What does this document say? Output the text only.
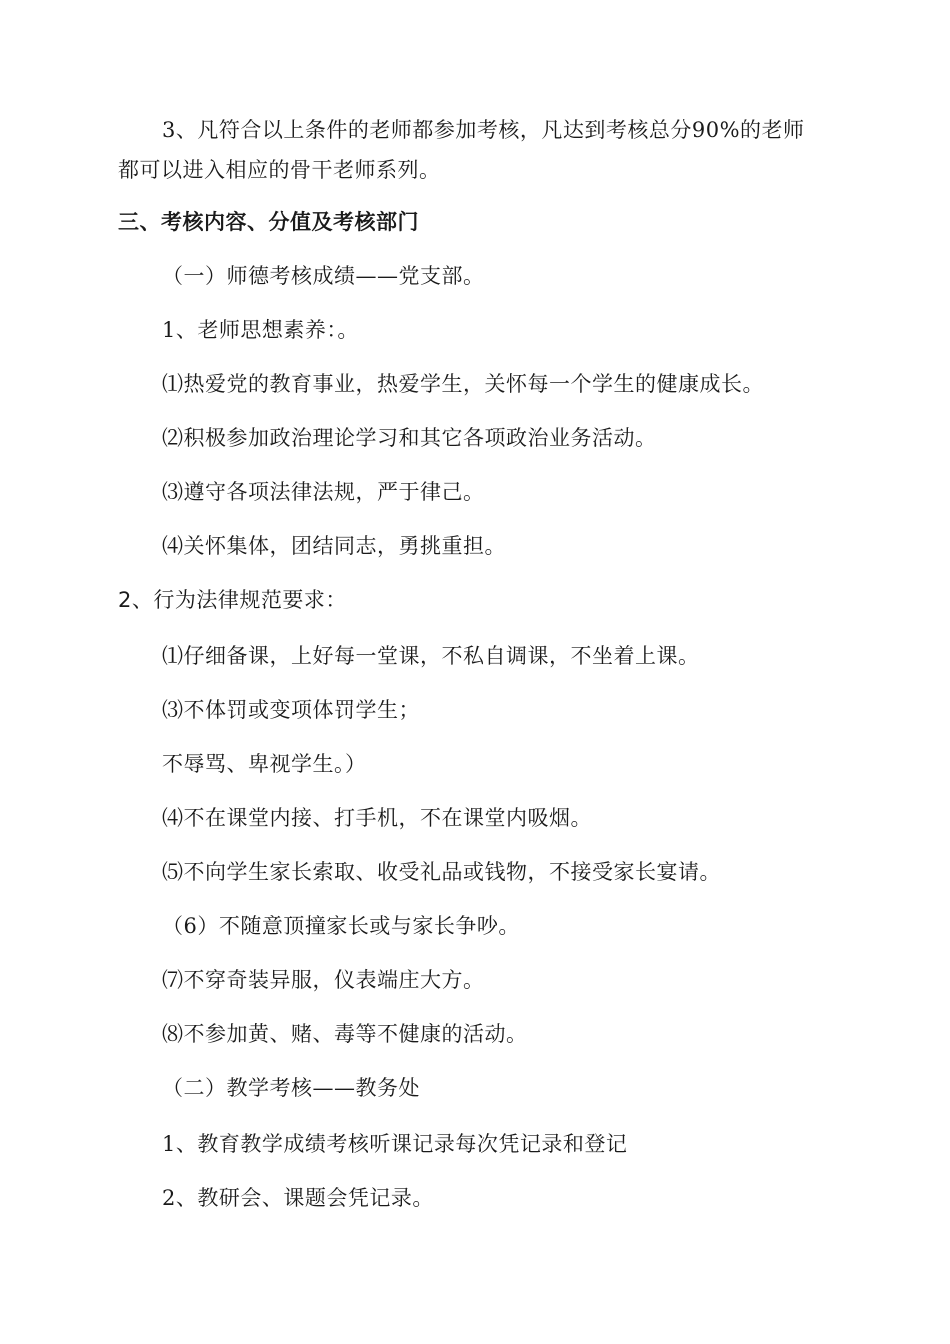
3、凡符合以上条件的老师都参加考核，凡达到考核总分90%的老师
都可以进入相应的骨干老师系列。
三、考核内容、分值及考核部门
（一）师德考核成绩——党支部。
1、老师思想素养：。
⑴热爱党的教育事业，热爱学生，关怀每一个学生的健康成长。
⑵积极参加政治理论学习和其它各项政治业务活动。
⑶遵守各项法律法规，严于律己。
⑷关怀集体，团结同志，勇挑重担。
2、行为法律规范要求：
⑴仔细备课，上好每一堂课，不私自调课，不坐着上课。
⑶不体罚或变项体罚学生；
不辱骂、卑视学生。）
⑷不在课堂内接、打手机，不在课堂内吸烟。
⑸不向学生家长索取、收受礼品或钱物，不接受家长宴请。
（6）不随意顶撞家长或与家长争吵。
⑺不穿奇装异服，仪表端庄大方。
⑻不参加黄、赌、毒等不健康的活动。
（二）教学考核——教务处
1、教育教学成绩考核听课记录每次凭记录和登记
2、教研会、课题会凭记录。
